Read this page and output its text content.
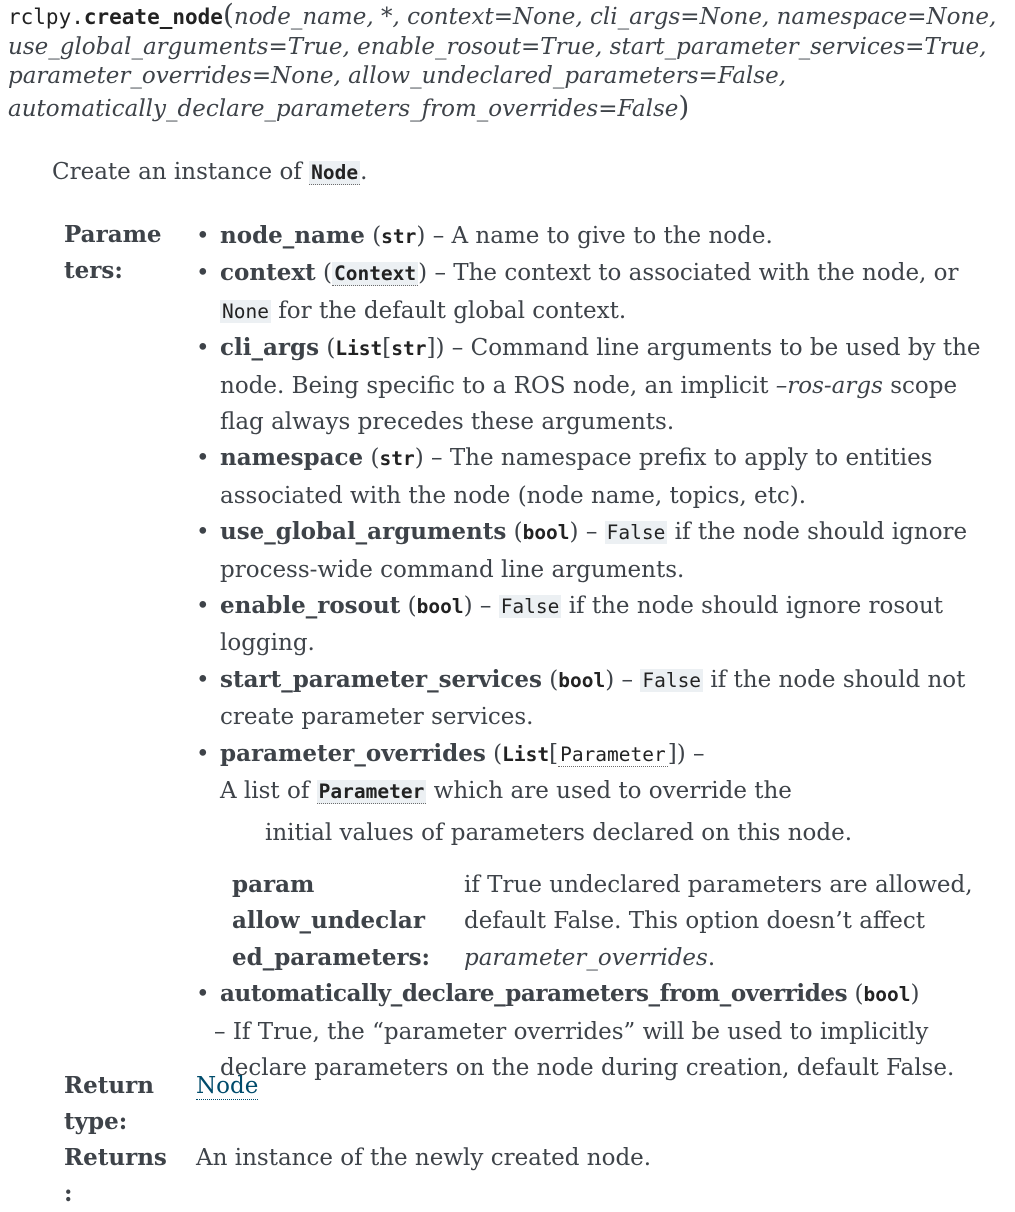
rclpy.create_node(node_name, *, context=None, cli_args=None, namespace=None, use_global_arguments=True, enable_rosout=True, start_parameter_services=True, parameter_overrides=None, allow_undeclared_parameters=False, automatically_declare_parameters_from_overrides=False)
Create an instance of Node.
Parame
ters:
• node_name (str) – A name to give to the node.
• context ( Context) – The context to associated with the node, or None for the default global context.
• cli_args (List[str]) – Command line arguments to be used by the node. Being specific to a ROS node, an implicit –ros-args scope flag always precedes these arguments.
• namespace (str) – The namespace prefix to apply to entities associated with the node (node name, topics, etc).
• use_global_arguments (bool) – False if the node should ignore process-wide command line arguments.
• enable_rosout (bool) – False if the node should ignore rosout logging.
• start_parameter_services (bool) – False if the node should not create parameter services.
• parameter_overrides (List[ Parameter]) –
A list of Parameter which are used to override the
initial values of parameters declared on this node.
param
allow_undeclar
ed_parameters:
if True undeclared parameters are allowed,
default False. This option doesn’t affect
parameter_overrides.
• automatically_declare_parameters_from_overrides (bool)
– If True, the “parameter overrides” will be used to implicitly declare parameters on the node during creation, default False.
Return
type:
Node
Returns
:
An instance of the newly created node.
